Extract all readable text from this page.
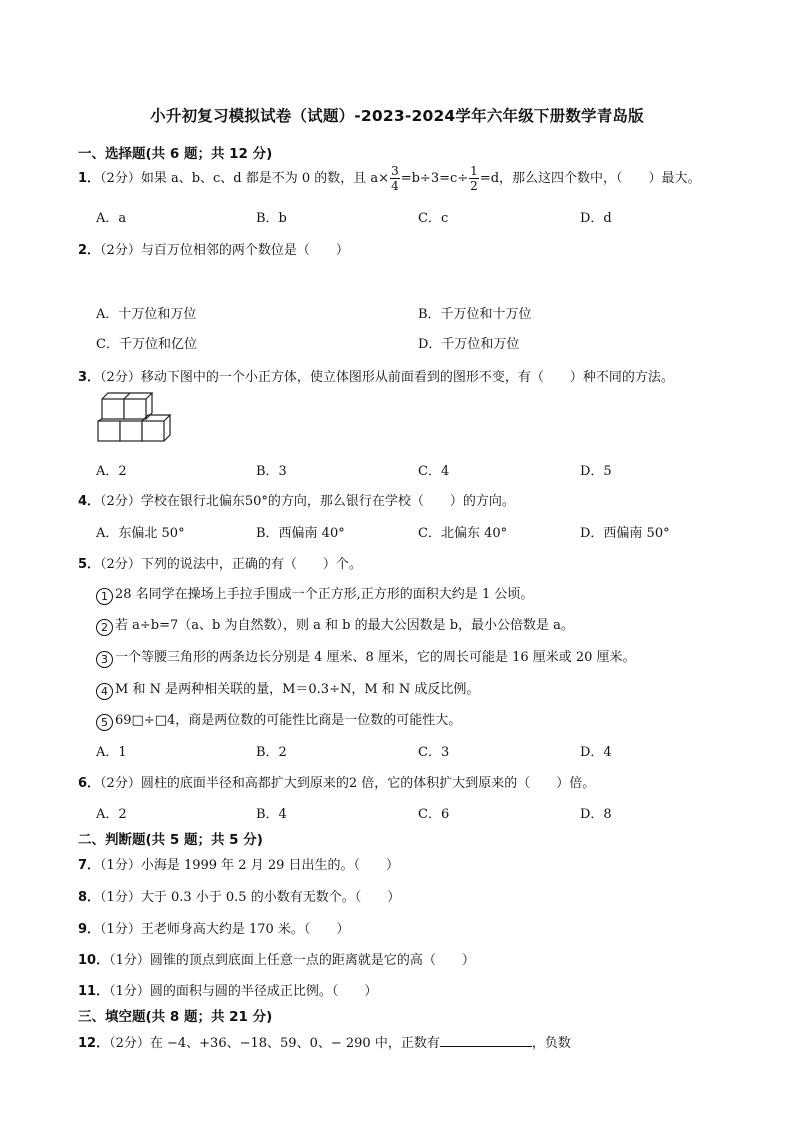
小升初复习模拟试卷（试题）-2023-2024学年六年级下册数学青岛版
一、选择题(共 6 题；共 12 分)
1．（2分）如果 a、b、c、d 都是不为 0 的数，且 $a\times \frac{3}{4} =b\div 3=c\div \frac{1}{2} =d$，那么这四个数中，（　　）最大。
A．a	B．b	C．c	D．d
2．（2分）与百万位相邻的两个数位是（　　）
A．十万位和万位	B．千万位和十万位
C．千万位和亿位	D．千万位和万位
3．（2分）移动下图中的一个小正方体，使立体图形从前面看到的图形不变，有（　　）种不同的方法。
A．2	B．3	C．4	D．5
4．（2分）学校在银行北偏东50°的方向，那么银行在学校（　　）的方向。
A．东偏北 50°	B．西偏南 40°	C．北偏东 40°	D．西偏南 50°
5．（2分）下列的说法中，正确的有（　　）个。
1 28 名同学在操场上手拉手围成一个正方形,正方形的面积大约是 1 公顷。
2 若 a÷b=7（a、b 为自然数），则 a 和 b 的最大公因数是 b，最小公倍数是 a。
3 一个等腰三角形的两条边长分别是 4 厘米、8 厘米，它的周长可能是 16 厘米或 20 厘米。
4 M 和 N 是两种相关联的量，M＝0.3÷N，M 和 N 成反比例。
5 69□÷□4，商是两位数的可能性比商是一位数的可能性大。
A．1	B．2	C．3	D．4
6．（2分）圆柱的底面半径和高都扩大到原来的2 倍，它的体积扩大到原来的（　　）倍。
A．2	B．4	C．6	D．8
二、判断题(共 5 题；共 5 分)
7．（1分）小海是 1999 年 2 月 29 日出生的。（　　）
8．（1分）大于 0.3 小于 0.5 的小数有无数个。（　　）
9．（1分）王老师身高大约是 170 米。（　　）
10．（1分）圆锥的顶点到底面上任意一点的距离就是它的高（　　）
11．（1分）圆的面积与圆的半径成正比例。（　　）
三、填空题(共 8 题；共 21 分)
12．（2分）在 −4、+36、−18、59、0、− 290 中，正数有	，负数
